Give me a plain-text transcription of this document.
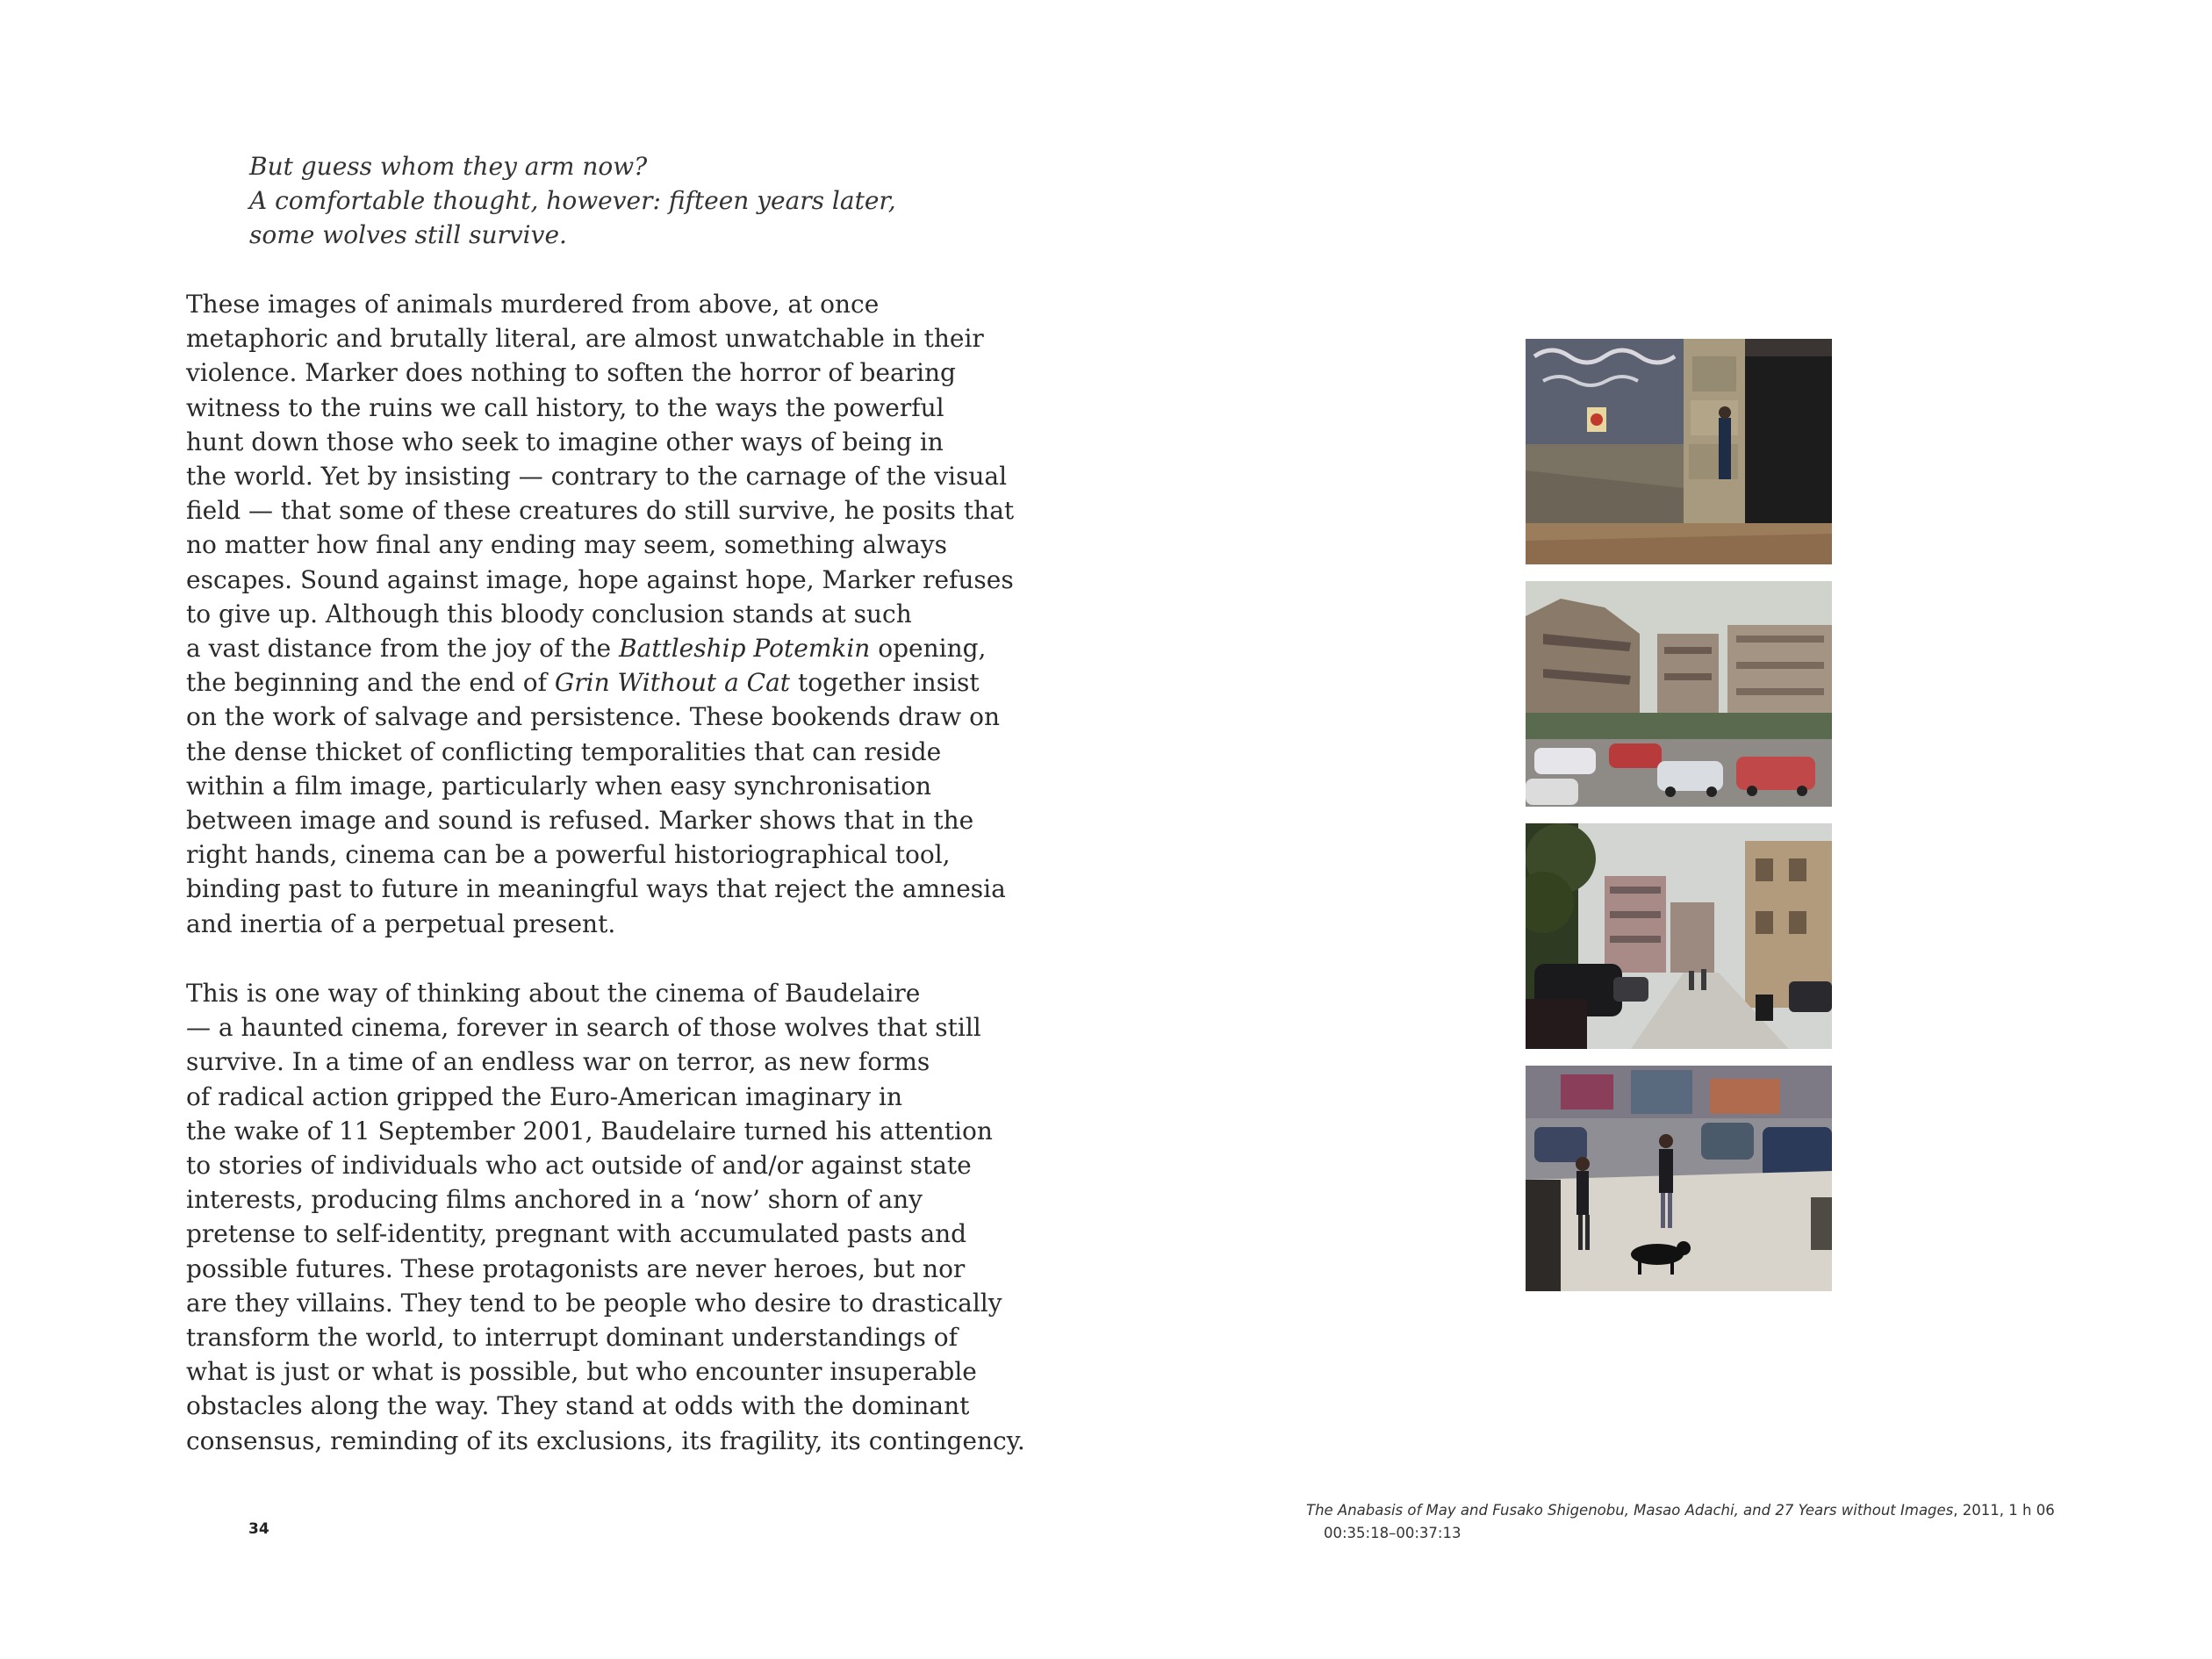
But guess whom they arm now?
A comfortable thought, however: fifteen years later,
some wolves still survive.
These images of animals murdered from above, at once
metaphoric and brutally literal, are almost unwatchable in their
violence. Marker does nothing to soften the horror of bearing
witness to the ruins we call history, to the ways the powerful
hunt down those who seek to imagine other ways of being in
the world. Yet by insisting — contrary to the carnage of the visual
field — that some of these creatures do still survive, he posits that
no matter how final any ending may seem, something always
escapes. Sound against image, hope against hope, Marker refuses
to give up. Although this bloody conclusion stands at such
a vast distance from the joy of the Battleship Potemkin opening,
the beginning and the end of Grin Without a Cat together insist
on the work of salvage and persistence. These bookends draw on
the dense thicket of conflicting temporalities that can reside
within a film image, particularly when easy synchronisation
between image and sound is refused. Marker shows that in the
right hands, cinema can be a powerful historiographical tool,
binding past to future in meaningful ways that reject the amnesia
and inertia of a perpetual present.
This is one way of thinking about the cinema of Baudelaire
— a haunted cinema, forever in search of those wolves that still
survive. In a time of an endless war on terror, as new forms
of radical action gripped the Euro-American imaginary in
the wake of 11 September 2001, Baudelaire turned his attention
to stories of individuals who act outside of and/or against state
interests, producing films anchored in a ‘now’ shorn of any
pretense to self-identity, pregnant with accumulated pasts and
possible futures. These protagonists are never heroes, but nor
are they villains. They tend to be people who desire to drastically
transform the world, to interrupt dominant understandings of
what is just or what is possible, but who encounter insuperable
obstacles along the way. They stand at odds with the dominant
consensus, reminding of its exclusions, its fragility, its contingency.
34
The Anabasis of May and Fusako Shigenobu, Masao Adachi, and 27 Years without Images, 2011, 1 h 06
00:35:18–00:37:13
